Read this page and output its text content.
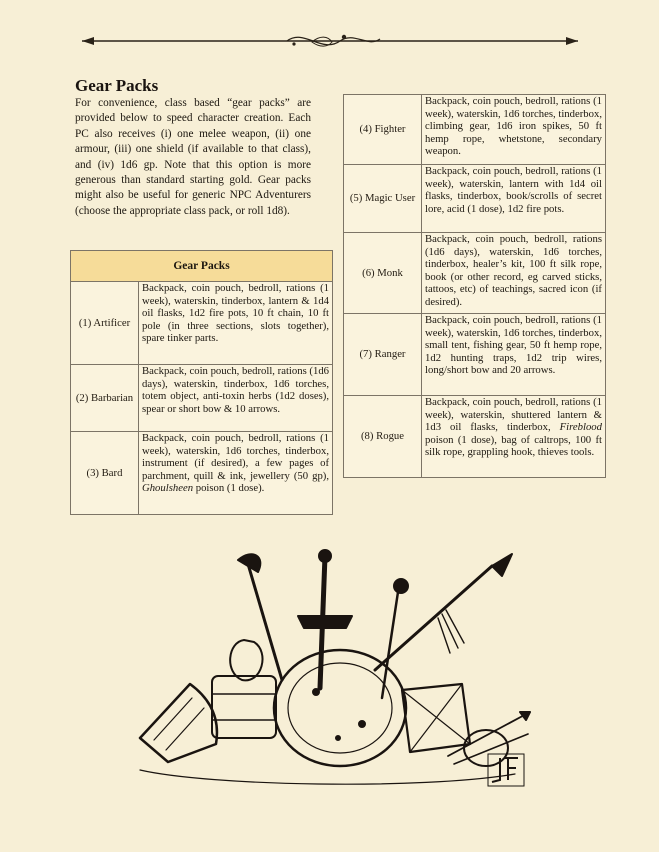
Gear Packs

For convenience, class based “gear packs” are provided below to speed character creation. Each PC also receives (i) one melee weapon, (ii) one armour, (iii) one shield (if available to that class), and (iv) 1d6 gp. Note that this option is more generous than standard starting gold. Gear packs might also be useful for generic NPC Adventurers (choose the appropriate class pack, or roll 1d8).

Gear Packs	
(1) Artificer	Backpack, coin pouch, bedroll, rations (1 week), waterskin, tinderbox, lantern & 1d4 oil flasks, 1d2 fire pots, 10 ft chain, 10 ft pole (in three sections, slots together), spare tinker parts.
(2) Barbarian	Backpack, coin pouch, bedroll, rations (1d6 days), waterskin, tinderbox, 1d6 torches, totem object, anti-toxin herbs (1d2 doses), spear or short bow & 10 arrows.
(3) Bard	Backpack, coin pouch, bedroll, rations (1 week), waterskin, 1d6 torches, tinderbox, instrument (if desired), a few pages of parchment, quill & ink, jewellery (50 gp), Ghoulsheen poison (1 dose).
(4) Fighter	Backpack, coin pouch, bedroll, rations (1 week), waterskin, 1d6 torches, tinderbox, climbing gear, 1d6 iron spikes, 50 ft hemp rope, whetstone, secondary weapon.
(5) Magic User	Backpack, coin pouch, bedroll, rations (1 week), waterskin, lantern with 1d4 oil flasks, tinderbox, book/scrolls of secret lore, acid (1 dose), 1d2 fire pots.
(6) Monk	Backpack, coin pouch, bedroll, rations (1d6 days), waterskin, 1d6 torches, tinderbox, healer’s kit, 100 ft silk rope, book (or other record, eg carved sticks, tattoos, etc) of teachings, sacred icon (if desired).
(7) Ranger	Backpack, coin pouch, bedroll, rations (1 week), waterskin, 1d6 torches, tinderbox, small tent, fishing gear, 50 ft hemp rope, 1d2 hunting traps, 1d2 trip wires, long/short bow and 20 arrows.
(8) Rogue	Backpack, coin pouch, bedroll, rations (1 week), waterskin, shuttered lantern & 1d3 oil flasks, tinderbox, Fireblood poison (1 dose), bag of caltrops, 100 ft silk rope, grappling hook, thieves tools.
